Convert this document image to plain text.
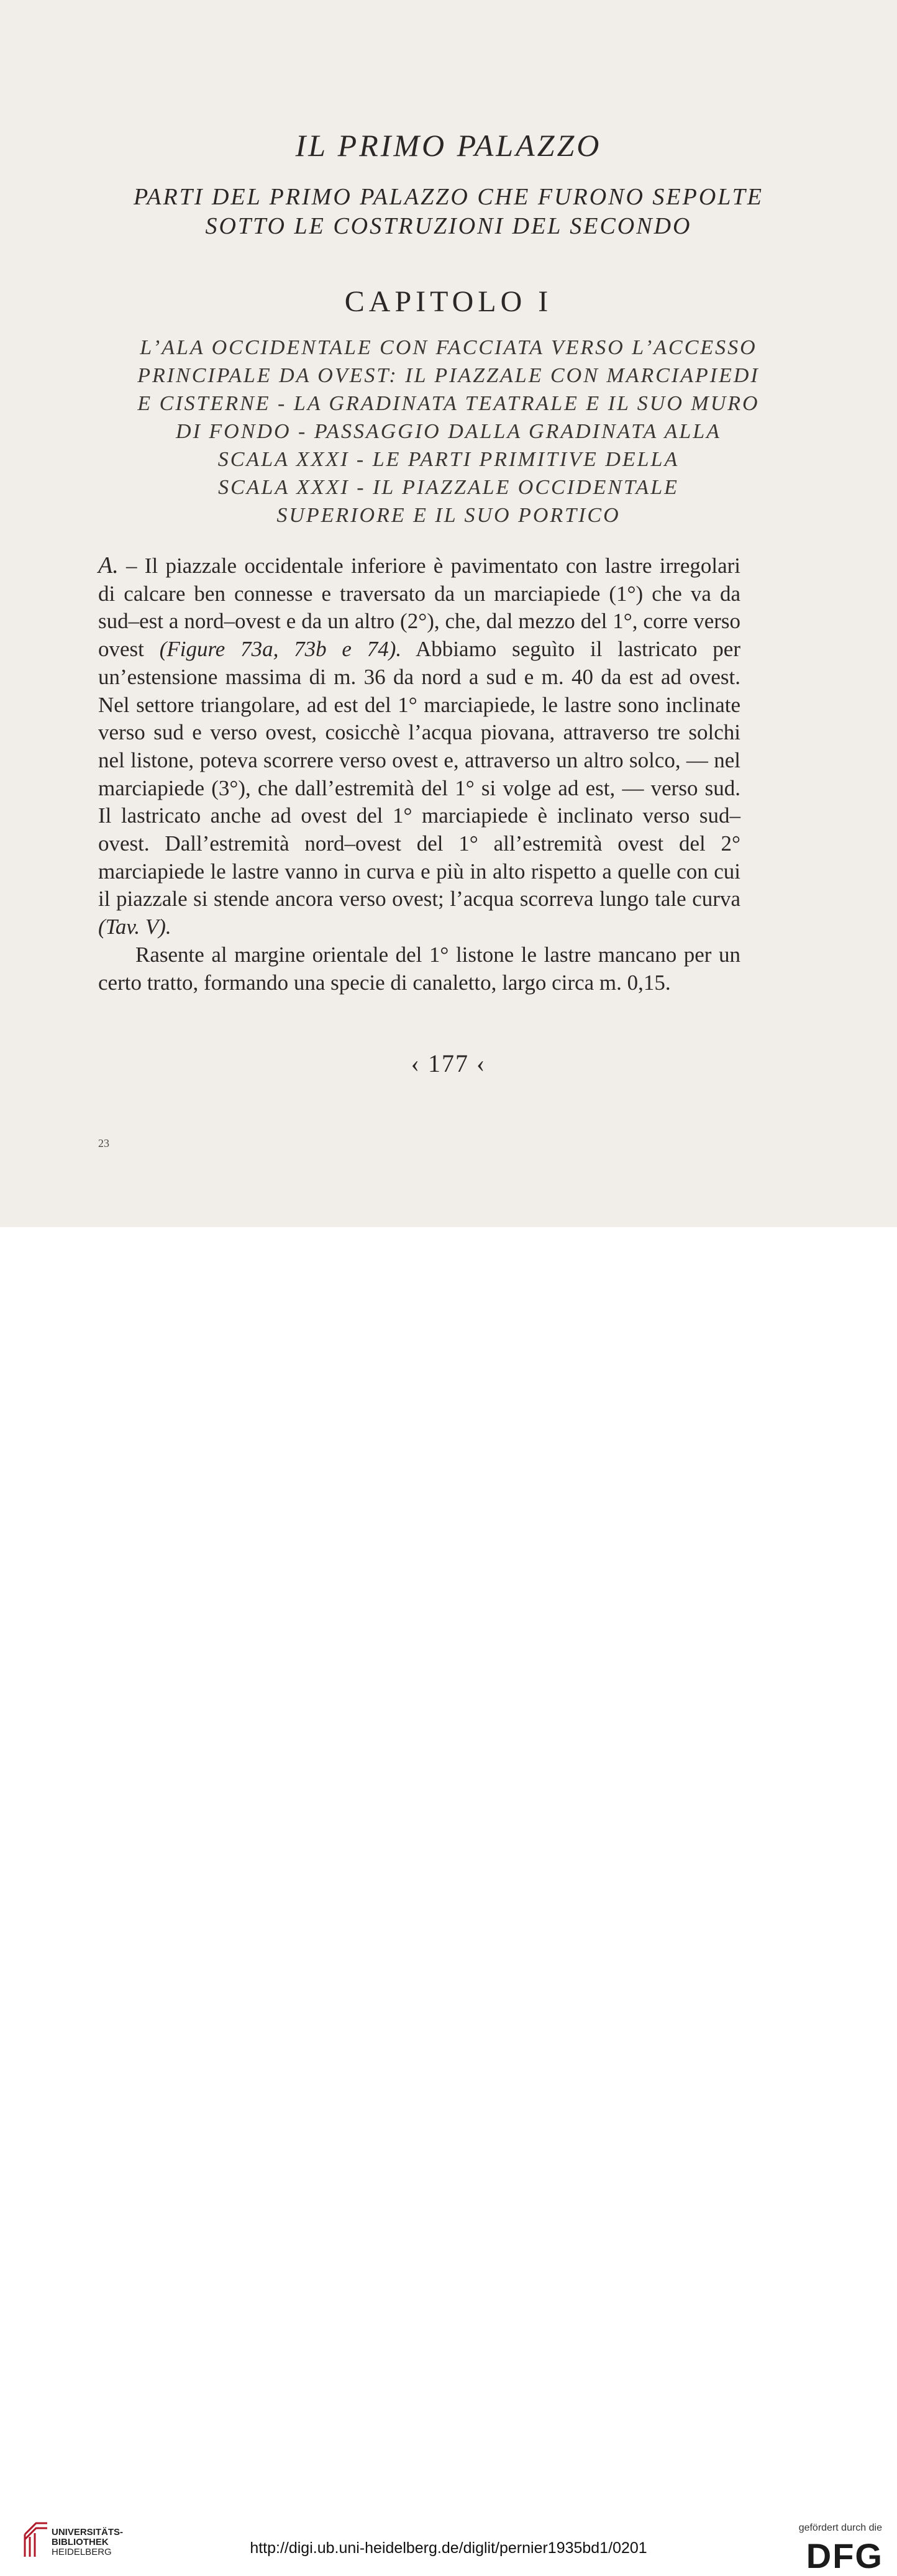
IL PRIMO PALAZZO
PARTI DEL PRIMO PALAZZO CHE FURONO SEPOLTE
SOTTO LE COSTRUZIONI DEL SECONDO
CAPITOLO I
L’ALA OCCIDENTALE CON FACCIATA VERSO L’ACCESSO
PRINCIPALE DA OVEST: IL PIAZZALE CON MARCIAPIEDI
E CISTERNE - LA GRADINATA TEATRALE E IL SUO MURO
DI FONDO - PASSAGGIO DALLA GRADINATA ALLA
SCALA XXXI - LE PARTI PRIMITIVE DELLA
SCALA XXXI - IL PIAZZALE OCCIDENTALE
SUPERIORE E IL SUO PORTICO

A. – Il piazzale occidentale inferiore è pavimentato con lastre irregolari di calcare ben connesse e traversato da un marciapiede (1°) che va da sud–est a nord–ovest e da un altro (2°), che, dal mezzo del 1°, corre verso ovest (Figure 73a, 73b e 74). Abbiamo seguìto il lastricato per un’estensione massima di m. 36 da nord a sud e m. 40 da est ad ovest. Nel settore triangolare, ad est del 1° marciapiede, le lastre sono inclinate verso sud e verso ovest, cosicchè l’acqua piovana, attraverso tre solchi nel listone, poteva scorrere verso ovest e, attraverso un altro solco, — nel marciapiede (3°), che dall’estremità del 1° si volge ad est, — verso sud. Il lastricato anche ad ovest del 1° marciapiede è inclinato verso sud–ovest. Dall’estremità nord–ovest del 1° all’estremità ovest del 2° marciapiede le lastre vanno in curva e più in alto rispetto a quelle con cui il piazzale si stende ancora verso ovest; l’acqua scorreva lungo tale curva (Tav. V).

Rasente al margine orientale del 1° listone le lastre mancano per un certo tratto, formando una specie di canaletto, largo circa m. 0,15.

‹ 177 ‹
23
UNIVERSITÄTS-
BIBLIOTHEK
HEIDELBERG	http://digi.ub.uni-heidelberg.de/diglit/pernier1935bd1/0201
gefördert durch die
DFG
